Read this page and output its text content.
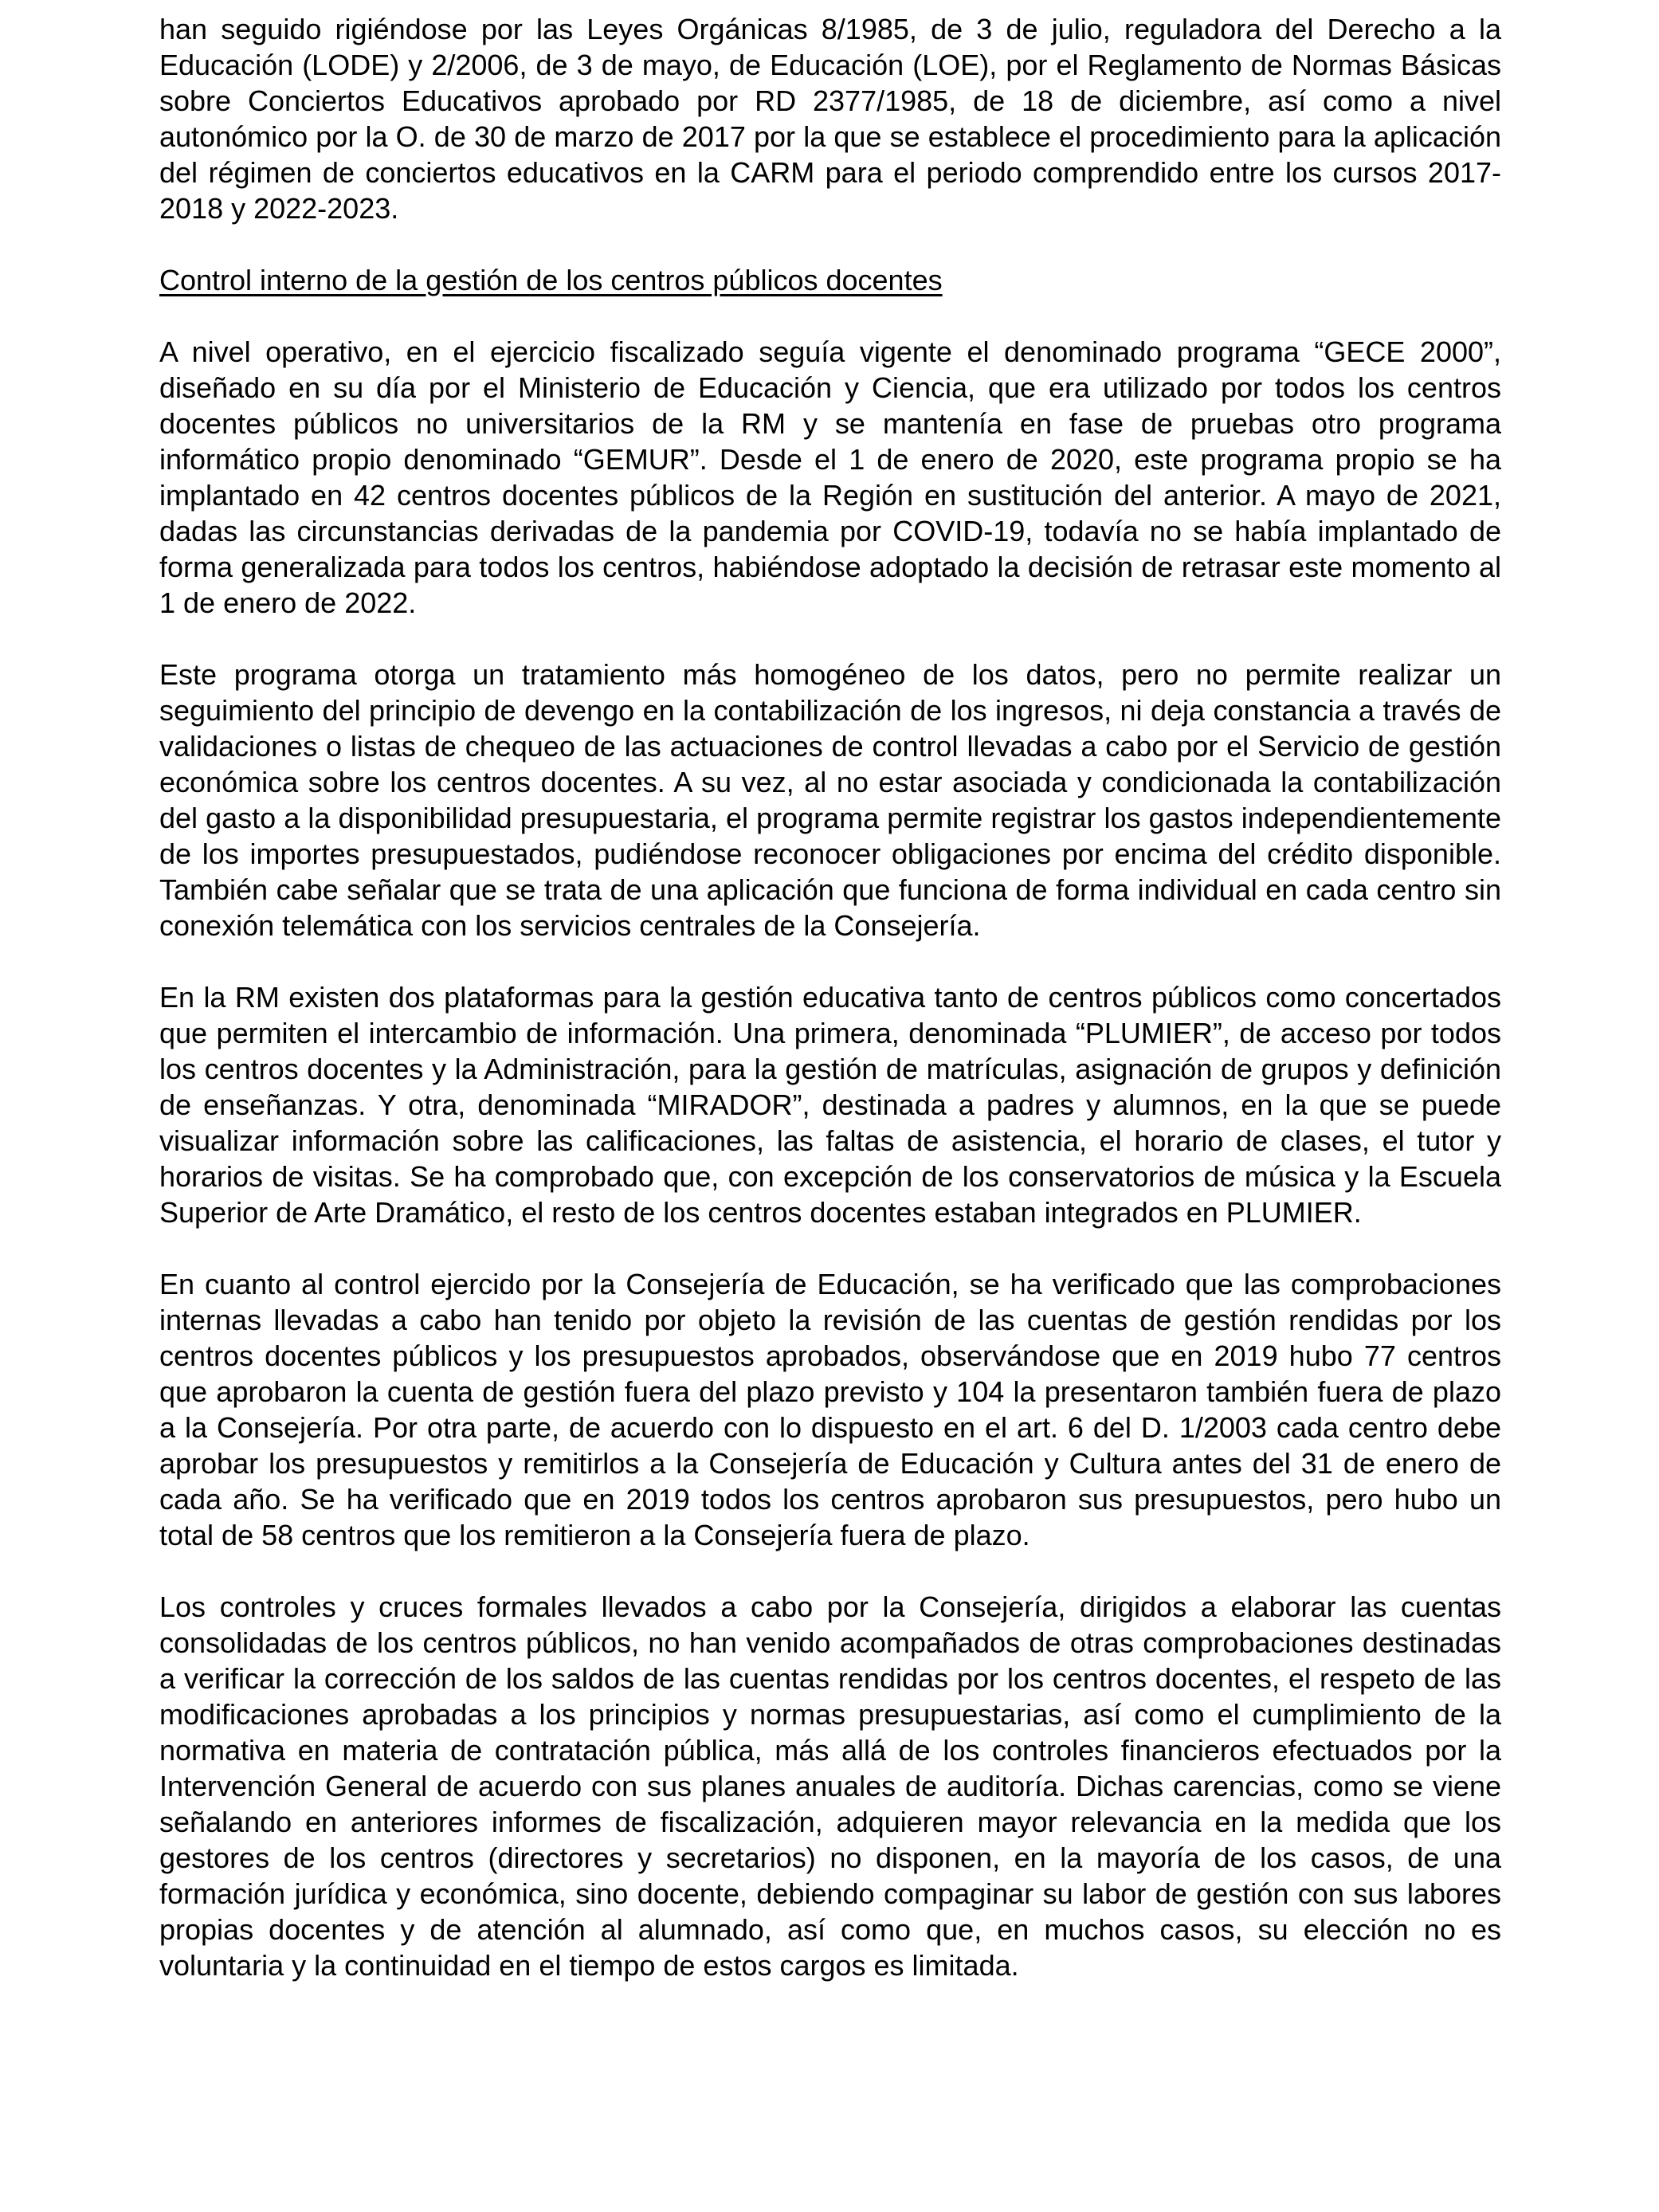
han seguido rigiéndose por las Leyes Orgánicas 8/1985, de 3 de julio, reguladora del Derecho a la Educación (LODE) y 2/2006, de 3 de mayo, de Educación (LOE), por el Reglamento de Normas Básicas sobre Conciertos Educativos aprobado por RD 2377/1985, de 18 de diciembre, así como a nivel autonómico por la O. de 30 de marzo de 2017 por la que se establece el procedimiento para la aplicación del régimen de conciertos educativos en la CARM para el periodo comprendido entre los cursos 2017-2018 y 2022-2023.

Control interno de la gestión de los centros públicos docentes

A nivel operativo, en el ejercicio fiscalizado seguía vigente el denominado programa “GECE 2000”, diseñado en su día por el Ministerio de Educación y Ciencia, que era utilizado por todos los centros docentes públicos no universitarios de la RM y se mantenía en fase de pruebas otro programa informático propio denominado “GEMUR”. Desde el 1 de enero de 2020, este programa propio se ha implantado en 42 centros docentes públicos de la Región en sustitución del anterior. A mayo de 2021, dadas las circunstancias derivadas de la pandemia por COVID-19, todavía no se había implantado de forma generalizada para todos los centros, habiéndose adoptado la decisión de retrasar este momento al 1 de enero de 2022.

Este programa otorga un tratamiento más homogéneo de los datos, pero no permite realizar un seguimiento del principio de devengo en la contabilización de los ingresos, ni deja constancia a través de validaciones o listas de chequeo de las actuaciones de control llevadas a cabo por el Servicio de gestión económica sobre los centros docentes. A su vez, al no estar asociada y condicionada la contabilización del gasto a la disponibilidad presupuestaria, el programa permite registrar los gastos independientemente de los importes presupuestados, pudiéndose reconocer obligaciones por encima del crédito disponible. También cabe señalar que se trata de una aplicación que funciona de forma individual en cada centro sin conexión telemática con los servicios centrales de la Consejería.

En la RM existen dos plataformas para la gestión educativa tanto de centros públicos como concertados que permiten el intercambio de información. Una primera, denominada “PLUMIER”, de acceso por todos los centros docentes y la Administración, para la gestión de matrículas, asignación de grupos y definición de enseñanzas. Y otra, denominada “MIRADOR”, destinada a padres y alumnos, en la que se puede visualizar información sobre las calificaciones, las faltas de asistencia, el horario de clases, el tutor y horarios de visitas. Se ha comprobado que, con excepción de los conservatorios de música y la Escuela Superior de Arte Dramático, el resto de los centros docentes estaban integrados en PLUMIER.

En cuanto al control ejercido por la Consejería de Educación, se ha verificado que las comprobaciones internas llevadas a cabo han tenido por objeto la revisión de las cuentas de gestión rendidas por los centros docentes públicos y los presupuestos aprobados, observándose que en 2019 hubo 77 centros que aprobaron la cuenta de gestión fuera del plazo previsto y 104 la presentaron también fuera de plazo a la Consejería. Por otra parte, de acuerdo con lo dispuesto en el art. 6 del D. 1/2003 cada centro debe aprobar los presupuestos y remitirlos a la Consejería de Educación y Cultura antes del 31 de enero de cada año. Se ha verificado que en 2019 todos los centros aprobaron sus presupuestos, pero hubo un total de 58 centros que los remitieron a la Consejería fuera de plazo.

Los controles y cruces formales llevados a cabo por la Consejería, dirigidos a elaborar las cuentas consolidadas de los centros públicos, no han venido acompañados de otras comprobaciones destinadas a verificar la corrección de los saldos de las cuentas rendidas por los centros docentes, el respeto de las modificaciones aprobadas a los principios y normas presupuestarias, así como el cumplimiento de la normativa en materia de contratación pública, más allá de los controles financieros efectuados por la Intervención General de acuerdo con sus planes anuales de auditoría. Dichas carencias, como se viene señalando en anteriores informes de fiscalización, adquieren mayor relevancia en la medida que los gestores de los centros (directores y secretarios) no disponen, en la mayoría de los casos, de una formación jurídica y económica, sino docente, debiendo compaginar su labor de gestión con sus labores propias docentes y de atención al alumnado, así como que, en muchos casos, su elección no es voluntaria y la continuidad en el tiempo de estos cargos es limitada.
